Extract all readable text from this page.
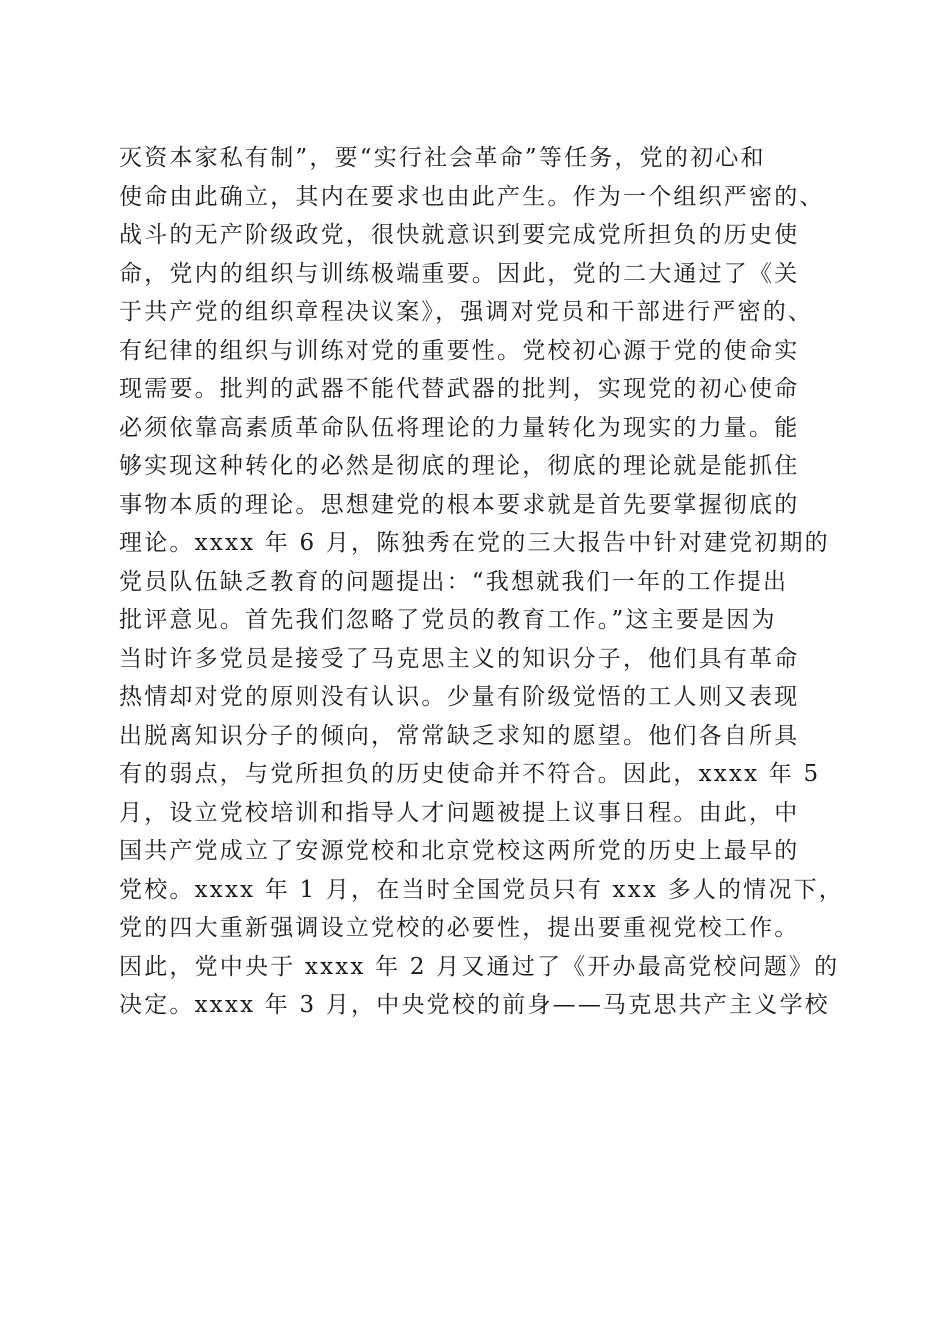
灭资本家私有制”，要“实行社会革命”等任务，党的初心和
使命由此确立，其内在要求也由此产生。作为一个组织严密的、
战斗的无产阶级政党，很快就意识到要完成党所担负的历史使
命，党内的组织与训练极端重要。因此，党的二大通过了《关
于共产党的组织章程决议案》，强调对党员和干部进行严密的、
有纪律的组织与训练对党的重要性。党校初心源于党的使命实
现需要。批判的武器不能代替武器的批判，实现党的初心使命
必须依靠高素质革命队伍将理论的力量转化为现实的力量。能
够实现这种转化的必然是彻底的理论，彻底的理论就是能抓住
事物本质的理论。思想建党的根本要求就是首先要掌握彻底的
理论。xxxx 年 6 月，陈独秀在党的三大报告中针对建党初期的
党员队伍缺乏教育的问题提出：“我想就我们一年的工作提出
批评意见。首先我们忽略了党员的教育工作。”这主要是因为
当时许多党员是接受了马克思主义的知识分子，他们具有革命
热情却对党的原则没有认识。少量有阶级觉悟的工人则又表现
出脱离知识分子的倾向，常常缺乏求知的愿望。他们各自所具
有的弱点，与党所担负的历史使命并不符合。因此，xxxx 年 5
月，设立党校培训和指导人才问题被提上议事日程。由此，中
国共产党成立了安源党校和北京党校这两所党的历史上最早的
党校。xxxx 年 1 月，在当时全国党员只有 xxx 多人的情况下，
党的四大重新强调设立党校的必要性，提出要重视党校工作。
因此，党中央于 xxxx 年 2 月又通过了《开办最高党校问题》的
决定。xxxx 年 3 月，中央党校的前身——马克思共产主义学校
